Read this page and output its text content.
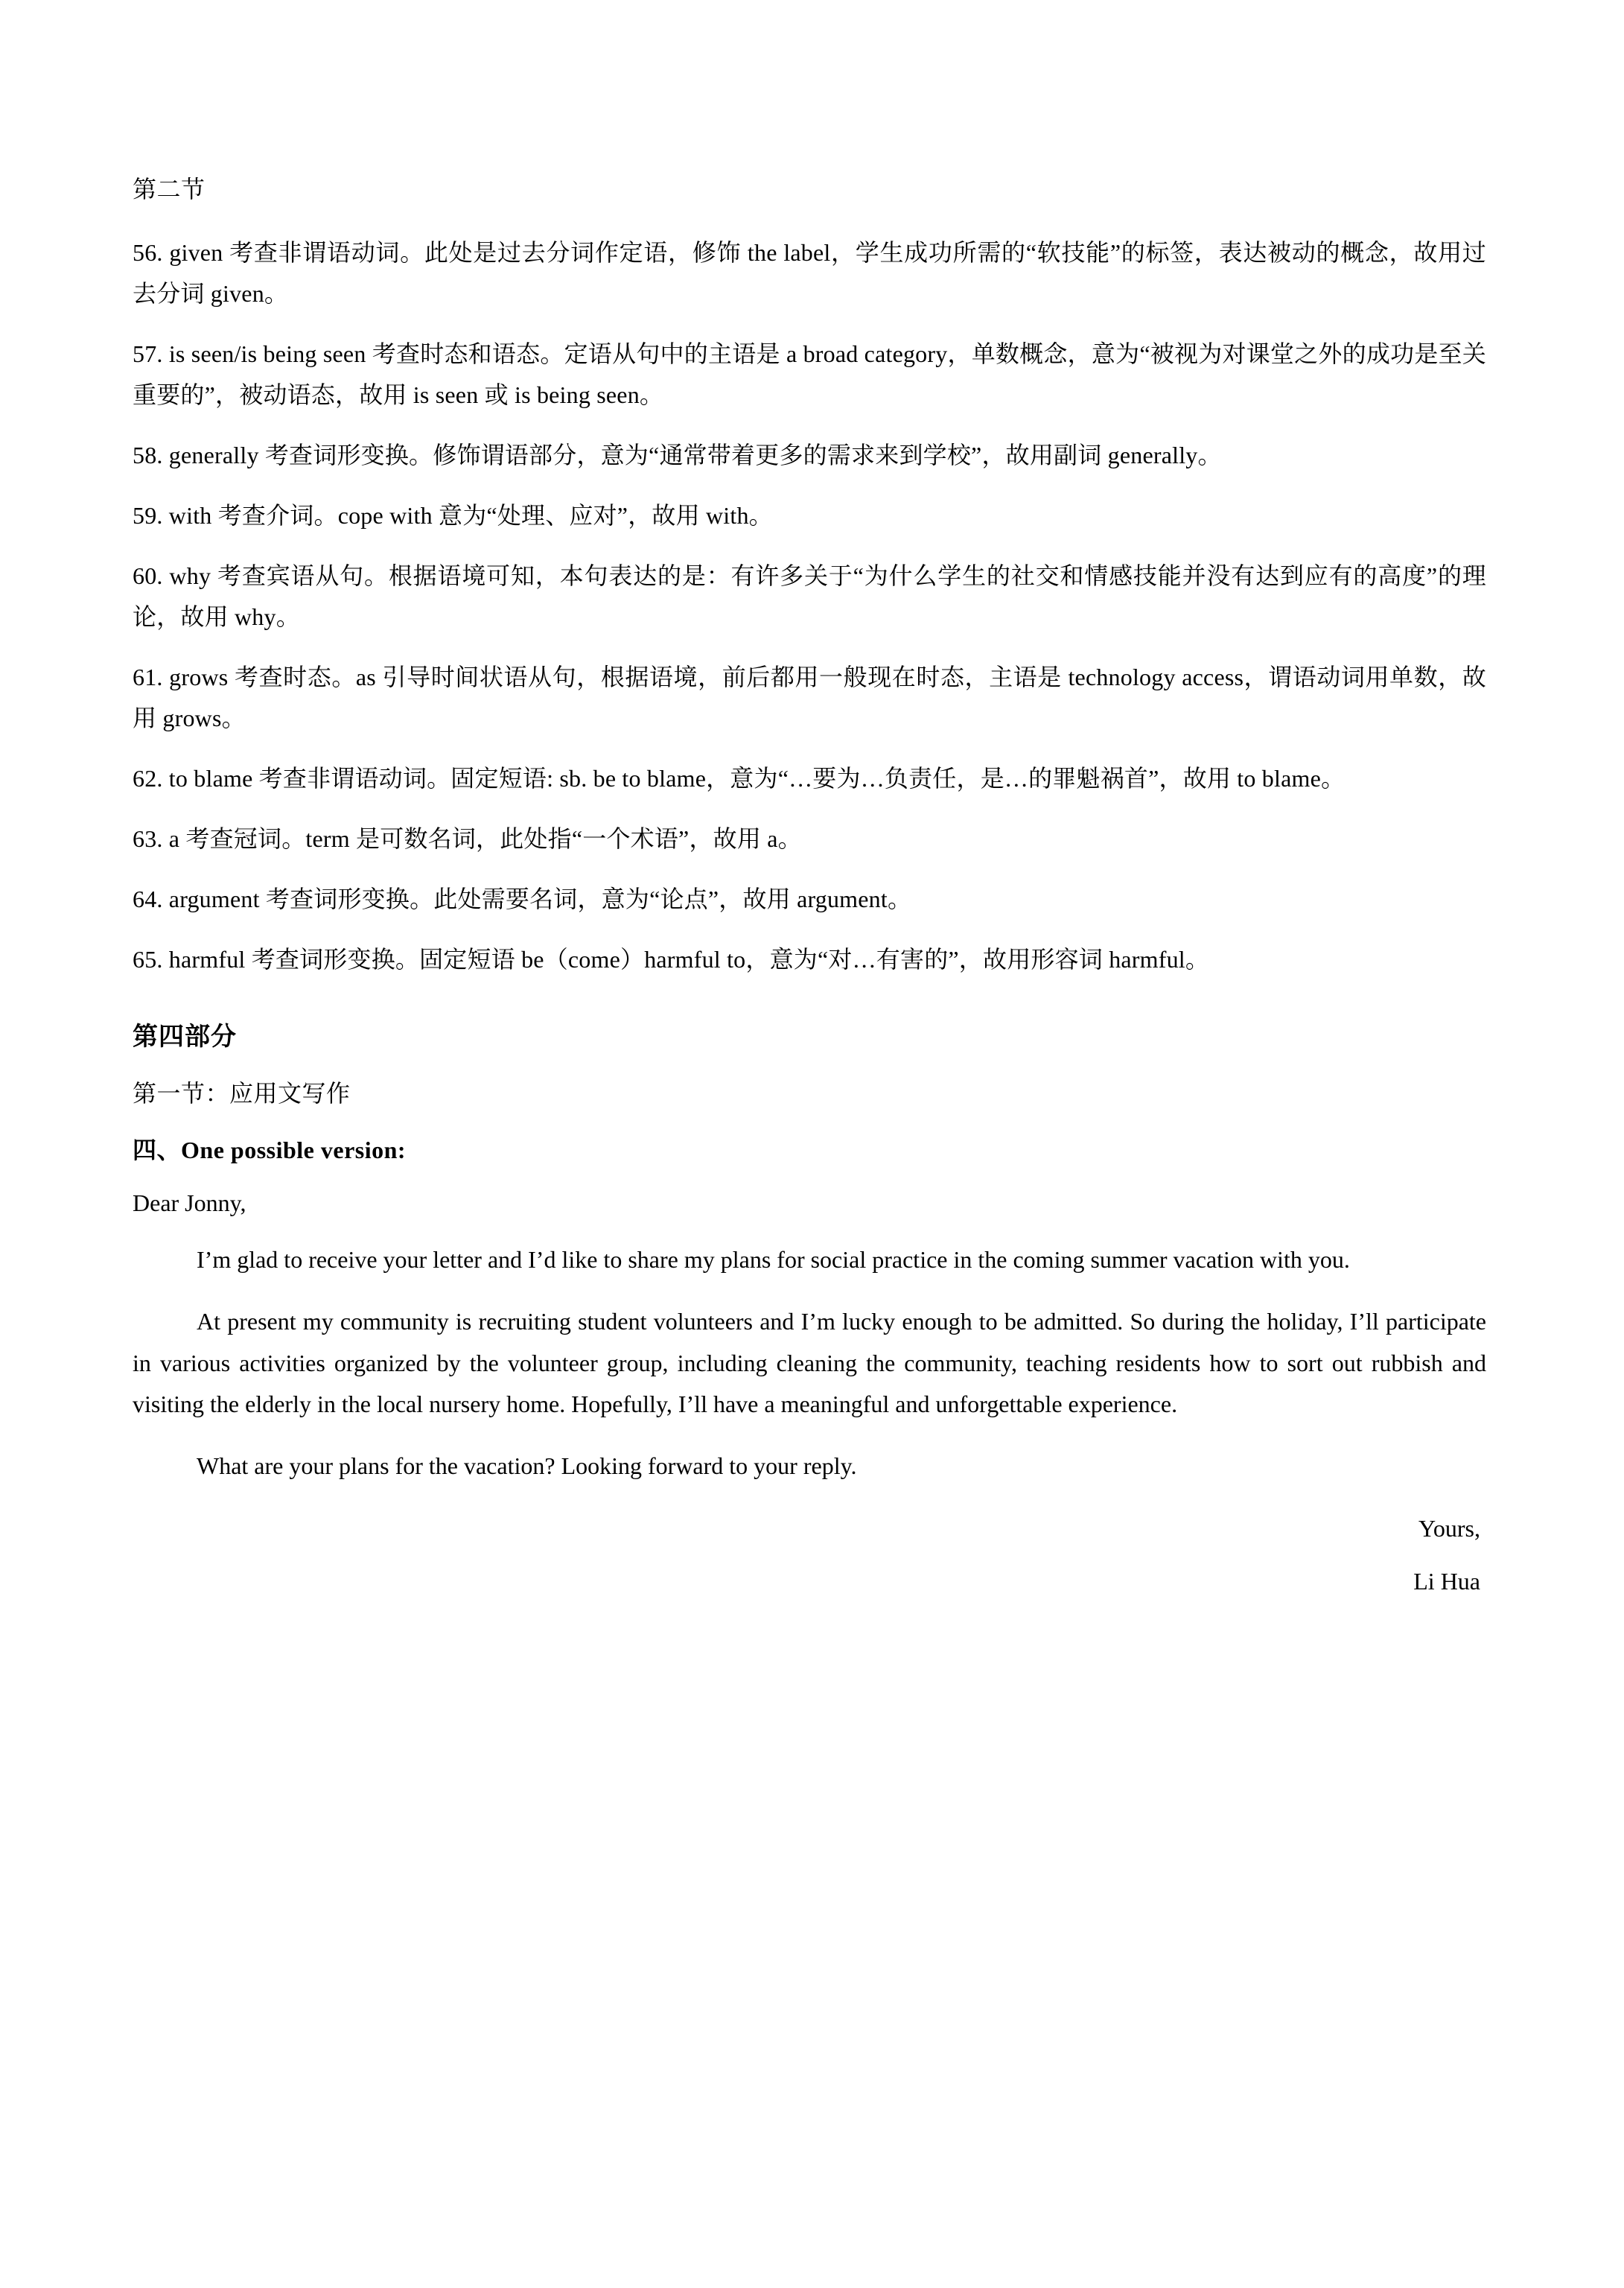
第二节

56. given 考查非谓语动词。此处是过去分词作定语，修饰 the label，学生成功所需的“软技能”的标签，表达被动的概念，故用过去分词 given。

57. is seen/is being seen 考查时态和语态。定语从句中的主语是 a broad category，单数概念，意为“被视为对课堂之外的成功是至关重要的”，被动语态，故用 is seen 或 is being seen。

58. generally 考查词形变换。修饰谓语部分，意为“通常带着更多的需求来到学校”，故用副词 generally。

59. with 考查介词。cope with 意为“处理、应对”，故用 with。

60. why 考查宾语从句。根据语境可知，本句表达的是：有许多关于“为什么学生的社交和情感技能并没有达到应有的高度”的理论，故用 why。

61. grows 考查时态。as 引导时间状语从句，根据语境，前后都用一般现在时态，主语是 technology access，谓语动词用单数，故用 grows。

62. to blame 考查非谓语动词。固定短语: sb. be to blame，意为“…要为…负责任，是…的罪魁祸首”，故用 to blame。

63. a 考查冠词。term 是可数名词，此处指“一个术语”，故用 a。

64. argument 考查词形变换。此处需要名词，意为“论点”，故用 argument。

65. harmful 考查词形变换。固定短语 be（come）harmful to，意为“对…有害的”，故用形容词 harmful。

第四部分
第一节：应用文写作
四、One possible version:
Dear Jonny,

I’m glad to receive your letter and I’d like to share my plans for social practice in the coming summer vacation with you.

At present my community is recruiting student volunteers and I’m lucky enough to be admitted. So during the holiday, I’ll participate in various activities organized by the volunteer group, including cleaning the community, teaching residents how to sort out rubbish and visiting the elderly in the local nursery home. Hopefully, I’ll have a meaningful and unforgettable experience.

What are your plans for the vacation? Looking forward to your reply.

Yours,
Li Hua
